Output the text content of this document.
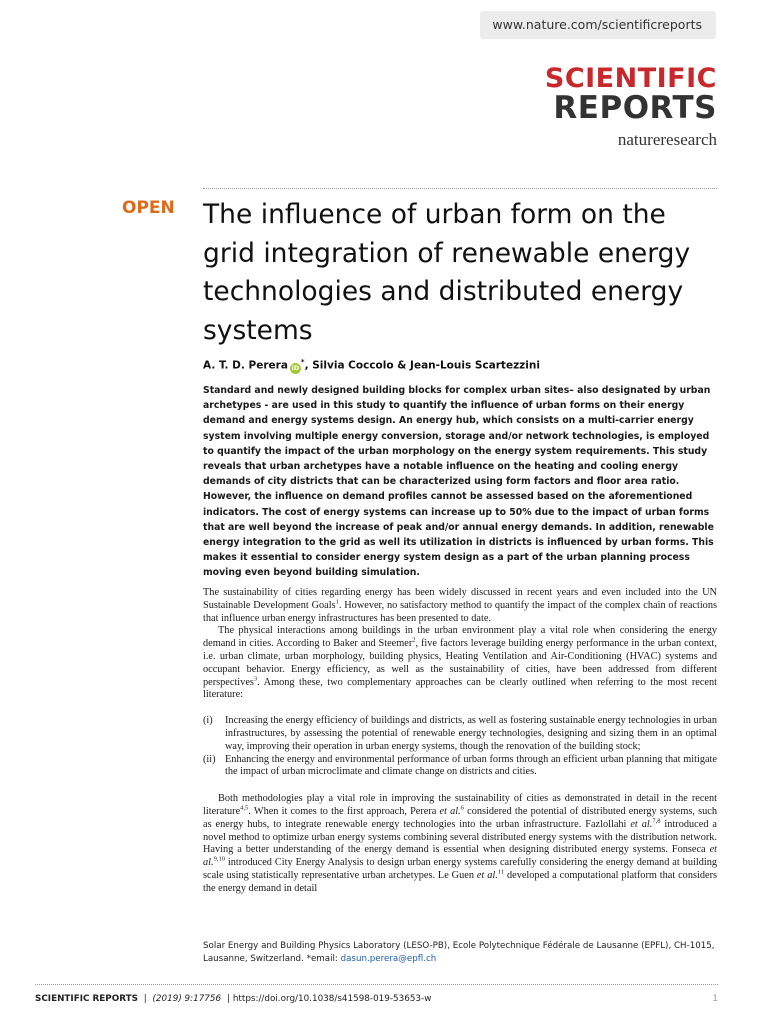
www.nature.com/scientificreports
SCIENTIFIC
REPORTS
natureresearch
OPEN The influence of urban form on the grid integration of renewable energy technologies and distributed energy systems
A. T. D. Perera iD*, Silvia Coccolo & Jean-Louis Scartezzini

Standard and newly designed building blocks for complex urban sites– also designated by urban archetypes - are used in this study to quantify the influence of urban forms on their energy demand and energy systems design. An energy hub, which consists on a multi-carrier energy system involving multiple energy conversion, storage and/or network technologies, is employed to quantify the impact of the urban morphology on the energy system requirements. This study reveals that urban archetypes have a notable influence on the heating and cooling energy demands of city districts that can be characterized using form factors and floor area ratio. However, the influence on demand profiles cannot be assessed based on the aforementioned indicators. The cost of energy systems can increase up to 50% due to the impact of urban forms that are well beyond the increase of peak and/or annual energy demands. In addition, renewable energy integration to the grid as well its utilization in districts is influenced by urban forms. This makes it essential to consider energy system design as a part of the urban planning process moving even beyond building simulation.

The sustainability of cities regarding energy has been widely discussed in recent years and even included into the UN Sustainable Development Goals$^1$. However, no satisfactory method to quantify the impact of the complex chain of reactions that influence urban energy infrastructures has been presented to date.

The physical interactions among buildings in the urban environment play a vital role when considering the energy demand in cities. According to Baker and Steemer$^2$, five factors leverage building energy performance in the urban context, i.e. urban climate, urban morphology, building physics, Heating Ventilation and Air-Conditioning (HVAC) systems and occupant behavior. Energy efficiency, as well as the sustainability of cities, have been addressed from different perspectives$^3$. Among these, two complementary approaches can be clearly outlined when referring to the most recent literature:

(i)	Increasing the energy efficiency of buildings and districts, as well as fostering sustainable energy technologies in urban infrastructures, by assessing the potential of renewable energy technologies, designing and sizing them in an optimal way, improving their operation in urban energy systems, though the renovation of the building stock;
(ii) Enhancing the energy and environmental performance of urban forms through an efficient urban planning that mitigate the impact of urban microclimate and climate change on districts and cities.

Both methodologies play a vital role in improving the sustainability of cities as demonstrated in detail in the recent literature$^{4,5}$. When it comes to the first approach, Perera et al.$^6$ considered the potential of distributed energy systems, such as energy hubs, to integrate renewable energy technologies into the urban infrastructure. Fazlollahi et al.$^{7,8}$ introduced a novel method to optimize urban energy systems combining several distributed energy systems with the distribution network. Having a better understanding of the energy demand is essential when designing distributed energy systems. Fonseca et al.$^{9,10}$ introduced City Energy Analysis to design urban energy systems carefully considering the energy demand at building scale using statistically representative urban archetypes. Le Guen et al.$^{11}$ developed a computational platform that considers the energy demand in detail

Solar Energy and Building Physics Laboratory (LESO-PB), Ecole Polytechnique Fédérale de Lausanne (EPFL), CH-1015, Lausanne, Switzerland. *email: dasun.perera@epfl.ch
SCIENTIFIC REPORTS | (2019) 9:17756 | https://doi.org/10.1038/s41598-019-53653-w	1
